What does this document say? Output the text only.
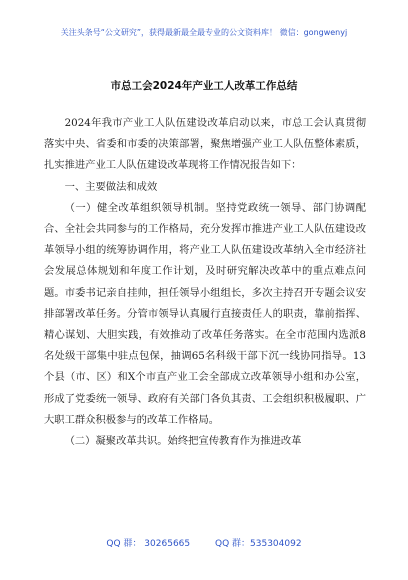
关注头条号“公文研究”，获得最新最全最专业的公文资料库！ 微信：gongwenyj
市总工会2024年产业工人改革工作总结

2024年我市产业工人队伍建设改革启动以来，市总工会认真贯彻落实中央、省委和市委的决策部署，聚焦增强产业工人队伍整体素质，扎实推进产业工人队伍建设改革现将工作情况报告如下：

一、主要做法和成效

（一）健全改革组织领导机制。坚持党政统一领导、部门协调配合、全社会共同参与的工作格局，充分发挥市推进产业工人队伍建设改革领导小组的统筹协调作用，将产业工人队伍建设改革纳入全市经济社会发展总体规划和年度工作计划，及时研究解决改革中的重点难点问题。市委书记亲自挂帅，担任领导小组组长，多次主持召开专题会议安排部署改革任务。分管市领导认真履行直接责任人的职责，靠前指挥、精心谋划、大胆实践，有效推动了改革任务落实。在全市范围内选派8名处级干部集中驻点包保，抽调65名科级干部下沉一线协同指导。13个县（市、区）和X个市直产业工会全部成立改革领导小组和办公室，形成了党委统一领导、政府有关部门各负其责、工会组织积极履职、广大职工群众积极参与的改革工作格局。

（二）凝聚改革共识。始终把宣传教育作为推进改革

QQ 群： 30265665	QQ 群：535304092
